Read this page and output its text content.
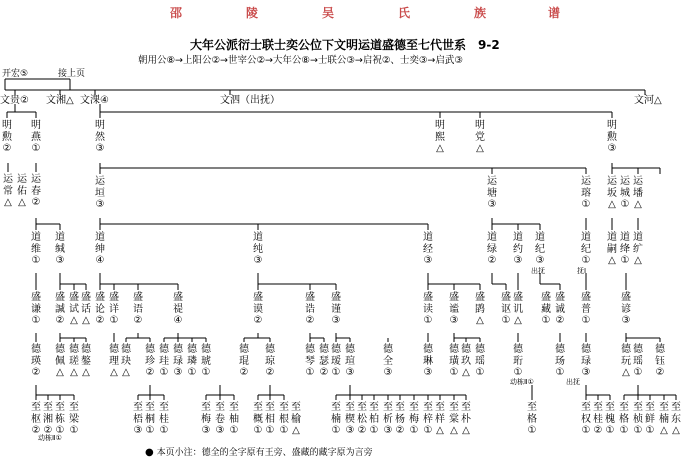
邵	陵	吴	氏	族	谱
大年公派衍士联士奕公位下文明运道盛德至七代世系　9-2
朝用公⑧→上阳公②→世宰公②→大年公⑧→士联公③→启祝②、士奕③→启武③
开宏⑤	接上页
文贵② 文湘△ 文淉④	文泗（出抚）	文河△
明
勲
②
明
燕
①
明
然
③
明
熙
△
明
党
△
明
勲
③
运
常
△
运
佑
△
运
春
②
运
垣
③
运
塘
③
运
瑢
①
运
坂
△
运
城
①
运
墦
△
道
维
①
道
缄
③
道
绅
④
道
纯
③
道
经
③
道
绿
②
道
约
③
道
纪
③
道
纪
①
道
嗣
△
道
绛
①
道
纩
△
出抚	抚Ⅰ
盛
谦
①
盛
諴
②
盛
试
△
盛
话
△
盛
论
②
盛
详
①
盛
语
②
盛
禔
④
盛
谟
②
盛
诰
②
盛
谨
③
盛
读
①
盛
谧
③
盛
鹍
△
盛
讴
①
盛
讥
△
盛
藏
①
盛
诚
②
盛
普
①
盛
谚
③
德
瑛
②
德
佩
△
德
瑳
△
德
鏊
△
德
理
△
德
玦
△
德
珍
②
德
珪
①
德
琭
③
德
璘
①
德
琥
①
德
琨
②
德
琼
②
德
琴
①
德
瑟
②
德
瑷
①
德
瑄
③
德
全
③
德
琳
③
德
璜
①
德
玖
△
德
瑶
①
德
珩
①
德
玚
①
德
琭
③
德
玩
△
德
瑶
①
德
钰
②
动栋Ⅱ①	出抚
至
枢
②
至
湘
②
至
栋
①
至
梁
①
至
梧
③
至
桐
①
至
桂
①
至
梅
③
至
卷
③
至
柚
①
至
概
①
至
相
①
至
根
①
至
榆
△
至
楠
①
至
楔
③
至
松
②
至
柏
①
至
析
③
至
杨
②
至
梅
①
至
梓
①
至
样
△
至
棠
△
至
朴
△
至
格
①
至
权
①
至
桂
②
至
槐
①
至
格
①
至
桢
①
至
鲜
①
至
楠
△
至
东
△
动栋Ⅱ①
● 本页小注：德全的全字原有王旁、盛藏的藏字原为言旁
